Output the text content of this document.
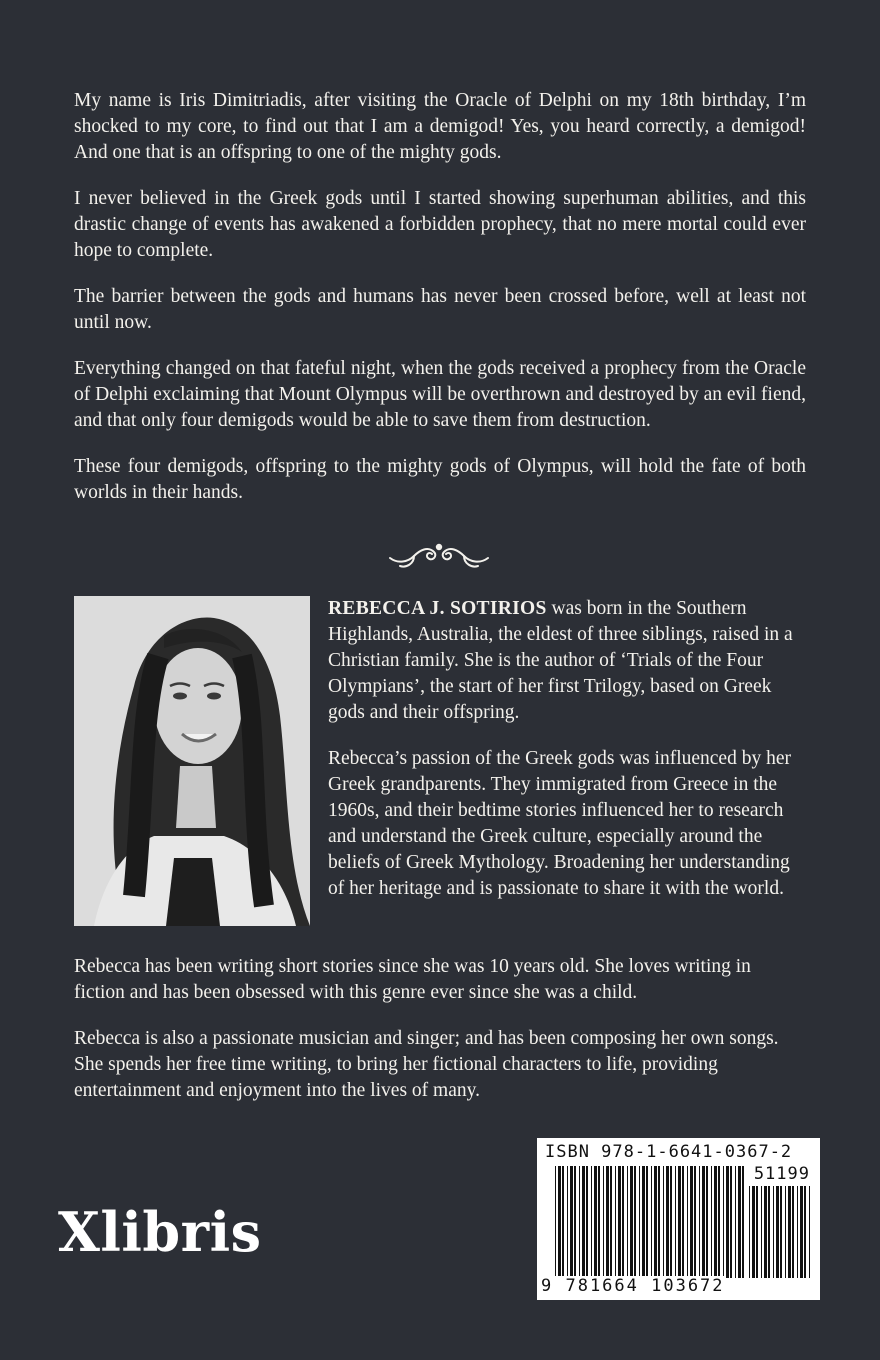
My name is Iris Dimitriadis, after visiting the Oracle of Delphi on my 18th birthday, I’m shocked to my core, to find out that I am a demigod! Yes, you heard correctly, a demigod! And one that is an offspring to one of the mighty gods.

I never believed in the Greek gods until I started showing superhuman abilities, and this drastic change of events has awakened a forbidden prophecy, that no mere mortal could ever hope to complete.

The barrier between the gods and humans has never been crossed before, well at least not until now.

Everything changed on that fateful night, when the gods received a prophecy from the Oracle of Delphi exclaiming that Mount Olympus will be overthrown and destroyed by an evil fiend, and that only four demigods would be able to save them from destruction.

These four demigods, offspring to the mighty gods of Olympus, will hold the fate of both worlds in their hands.

REBECCA J. SOTIRIOS was born in the Southern Highlands, Australia, the eldest of three siblings, raised in a Christian family. She is the author of ‘Trials of the Four Olympians’, the start of her first Trilogy, based on Greek gods and their offspring.

Rebecca’s passion of the Greek gods was influenced by her Greek grandparents. They immigrated from Greece in the 1960s, and their bedtime stories influenced her to research and understand the Greek culture, especially around the beliefs of Greek Mythology. Broadening her understanding of her heritage and is passionate to share it with the world.

Rebecca has been writing short stories since she was 10 years old. She loves writing in fiction and has been obsessed with this genre ever since she was a child.

Rebecca is also a passionate musician and singer; and has been composing her own songs. She spends her free time writing, to bring her fictional characters to life, providing entertainment and enjoyment into the lives of many.

Xlibris
ISBN 978-1-6641-0367-2
51199
9 781664 103672
